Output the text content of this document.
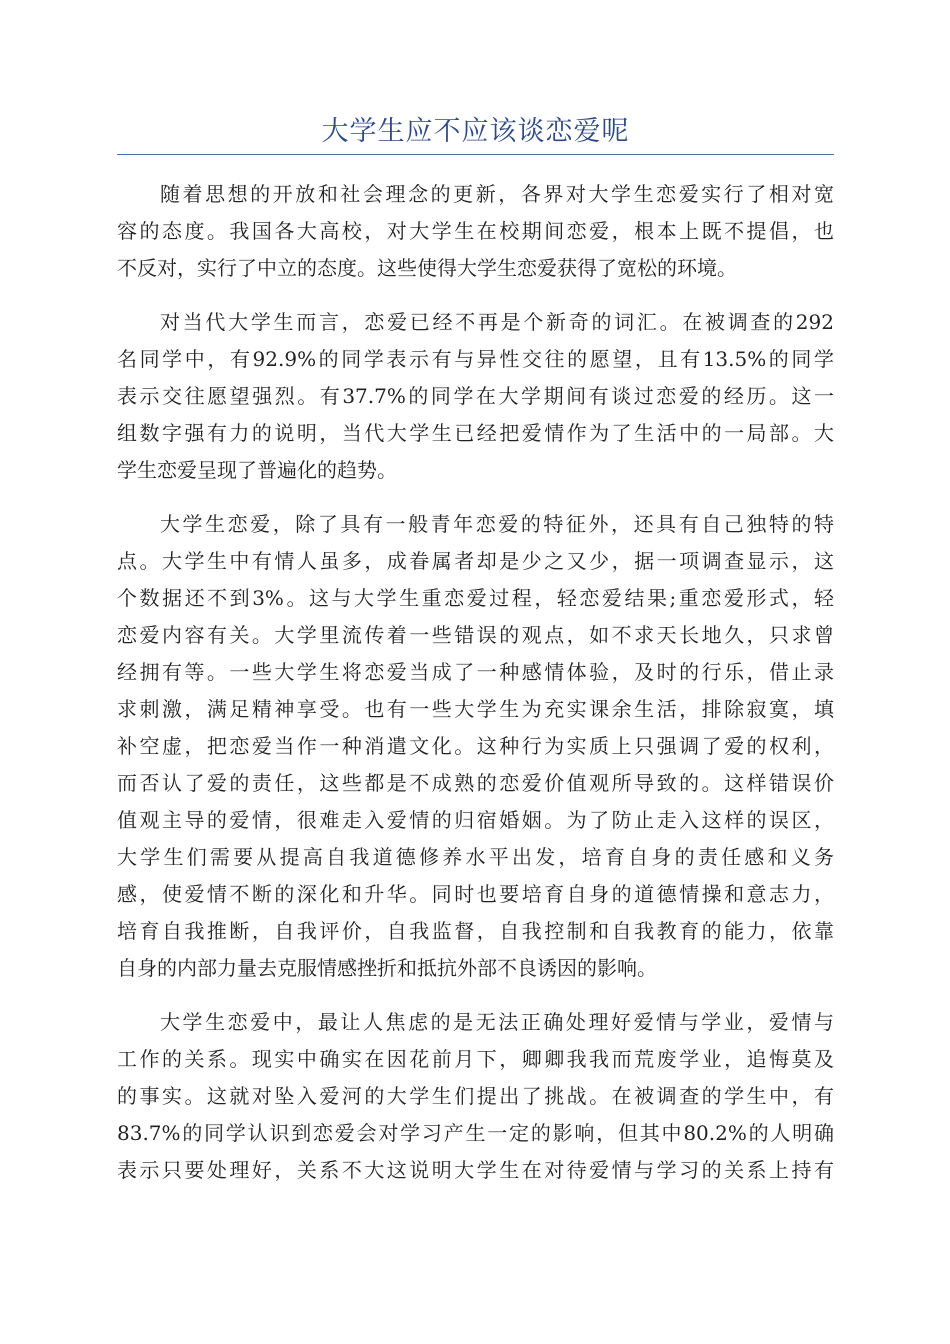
大学生应不应该谈恋爱呢

随着思想的开放和社会理念的更新，各界对大学生恋爱实行了相对宽
容的态度。我国各大高校，对大学生在校期间恋爱，根本上既不提倡，也
不反对，实行了中立的态度。这些使得大学生恋爱获得了宽松的环境。

对当代大学生而言，恋爱已经不再是个新奇的词汇。在被调查的292
名同学中，有92.9%的同学表示有与异性交往的愿望，且有13.5%的同学
表示交往愿望强烈。有37.7%的同学在大学期间有谈过恋爱的经历。这一
组数字强有力的说明，当代大学生已经把爱情作为了生活中的一局部。大
学生恋爱呈现了普遍化的趋势。

大学生恋爱，除了具有一般青年恋爱的特征外，还具有自己独特的特
点。大学生中有情人虽多，成眷属者却是少之又少，据一项调查显示，这
个数据还不到3%。这与大学生重恋爱过程，轻恋爱结果;重恋爱形式，轻
恋爱内容有关。大学里流传着一些错误的观点，如不求天长地久，只求曾
经拥有等。一些大学生将恋爱当成了一种感情体验，及时的行乐，借止录
求刺激，满足精神享受。也有一些大学生为充实课余生活，排除寂寞，填
补空虚，把恋爱当作一种消遣文化。这种行为实质上只强调了爱的权利，
而否认了爱的责任，这些都是不成熟的恋爱价值观所导致的。这样错误价
值观主导的爱情，很难走入爱情的归宿婚姻。为了防止走入这样的误区，
大学生们需要从提高自我道德修养水平出发，培育自身的责任感和义务
感，使爱情不断的深化和升华。同时也要培育自身的道德情操和意志力，
培育自我推断，自我评价，自我监督，自我控制和自我教育的能力，依靠
自身的内部力量去克服情感挫折和抵抗外部不良诱因的影响。

大学生恋爱中，最让人焦虑的是无法正确处理好爱情与学业，爱情与
工作的关系。现实中确实在因花前月下，卿卿我我而荒废学业，追悔莫及
的事实。这就对坠入爱河的大学生们提出了挑战。在被调查的学生中，有
83.7%的同学认识到恋爱会对学习产生一定的影响，但其中80.2%的人明确
表示只要处理好，关系不大这说明大学生在对待爱情与学习的关系上持有
